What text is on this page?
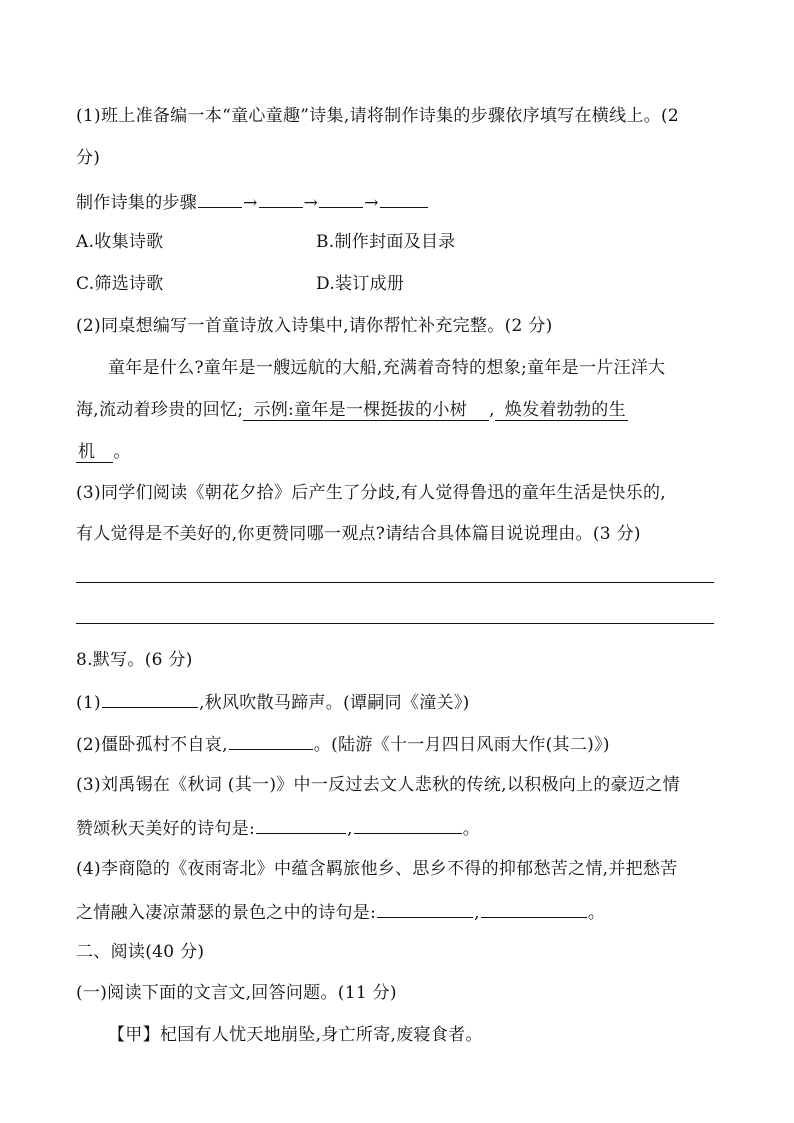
(1)班上准备编一本“童心童趣”诗集,请将制作诗集的步骤依序填写在横线上。(2
分)
制作诗集的步骤	→	→	→
A.收集诗歌	B.制作封面及目录
C.筛选诗歌	D.装订成册
(2)同桌想编写一首童诗放入诗集中,请你帮忙补充完整。(2 分)
童年是什么?童年是一艘远航的大船,充满着奇特的想象;童年是一片汪洋大
海,流动着珍贵的回忆; 示例:童年是一棵挺拔的小树 , 焕发着勃勃的生
机 。
(3)同学们阅读《朝花夕拾》后产生了分歧,有人觉得鲁迅的童年生活是快乐的,
有人觉得是不美好的,你更赞同哪一观点?请结合具体篇目说说理由。(3 分)
8.默写。(6 分)
(1)	,秋风吹散马蹄声。(谭嗣同《潼关》)
(2)僵卧孤村不自哀,	。(陆游《十一月四日风雨大作(其二)》)
(3)刘禹锡在《秋词 (其一)》中一反过去文人悲秋的传统,以积极向上的豪迈之情
赞颂秋天美好的诗句是:	,	。
(4)李商隐的《夜雨寄北》中蕴含羁旅他乡、思乡不得的抑郁愁苦之情,并把愁苦
之情融入凄凉萧瑟的景色之中的诗句是:	,	。
二、阅读(40 分)
(一)阅读下面的文言文,回答问题。(11 分)
【甲】杞国有人忧天地崩坠,身亡所寄,废寝食者。
